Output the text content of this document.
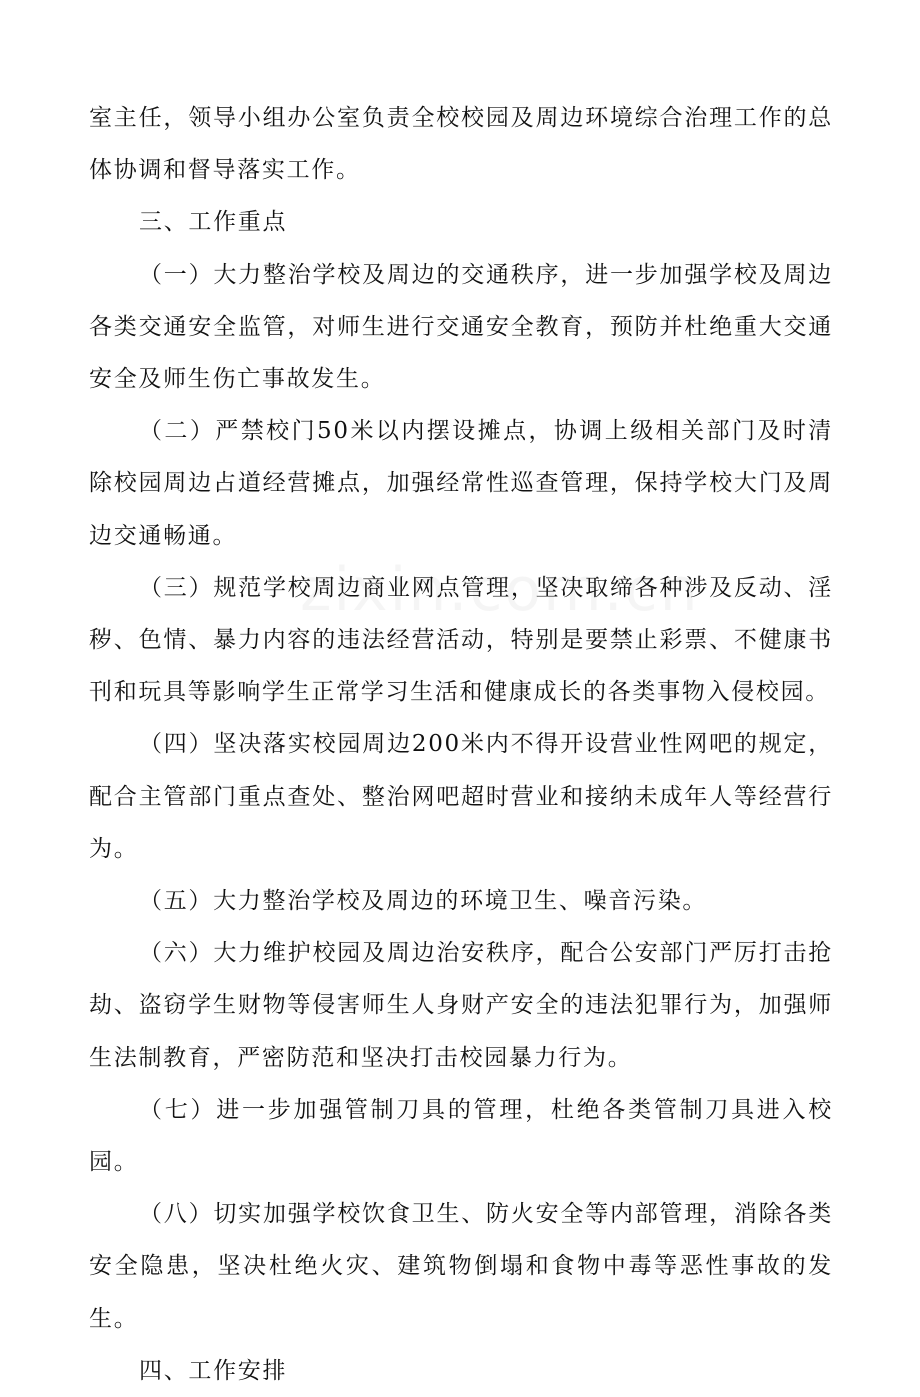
室主任，领导小组办公室负责全校校园及周边环境综合治理工作的总体协调和督导落实工作。

三、工作重点

（一）大力整治学校及周边的交通秩序，进一步加强学校及周边各类交通安全监管，对师生进行交通安全教育，预防并杜绝重大交通安全及师生伤亡事故发生。

（二）严禁校门50米以内摆设摊点，协调上级相关部门及时清除校园周边占道经营摊点，加强经常性巡查管理，保持学校大门及周边交通畅通。

（三）规范学校周边商业网点管理，坚决取缔各种涉及反动、淫秽、色情、暴力内容的违法经营活动，特别是要禁止彩票、不健康书刊和玩具等影响学生正常学习生活和健康成长的各类事物入侵校园。

（四）坚决落实校园周边200米内不得开设营业性网吧的规定，配合主管部门重点查处、整治网吧超时营业和接纳未成年人等经营行为。

（五）大力整治学校及周边的环境卫生、噪音污染。

（六）大力维护校园及周边治安秩序，配合公安部门严厉打击抢劫、盗窃学生财物等侵害师生人身财产安全的违法犯罪行为，加强师生法制教育，严密防范和坚决打击校园暴力行为。

（七）进一步加强管制刀具的管理，杜绝各类管制刀具进入校园。

（八）切实加强学校饮食卫生、防火安全等内部管理，消除各类安全隐患，坚决杜绝火灾、建筑物倒塌和食物中毒等恶性事故的发生。

四、工作安排
